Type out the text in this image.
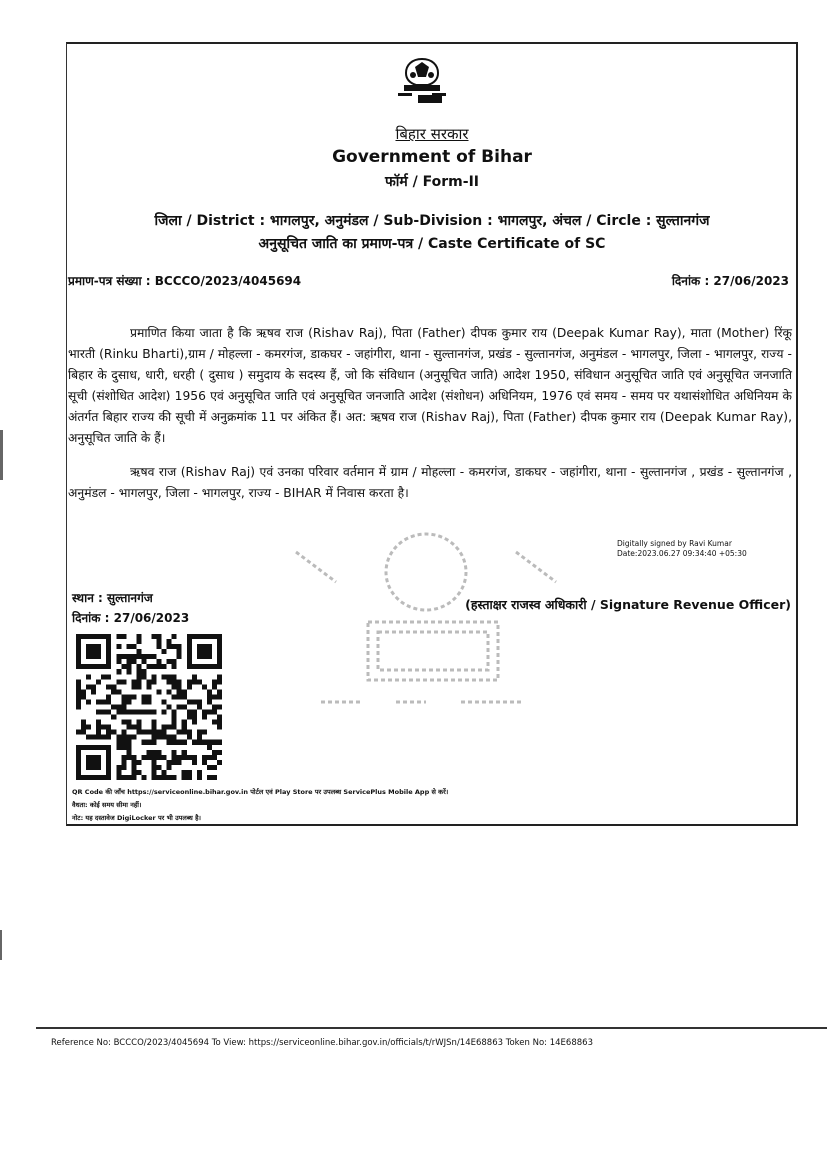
बिहार सरकार
Government of Bihar
फॉर्म / Form-II
जिला / District : भागलपुर, अनुमंडल / Sub-Division : भागलपुर, अंचल / Circle : सुल्तानगंज
अनुसूचित जाति का प्रमाण-पत्र / Caste Certificate of SC
प्रमाण-पत्र संख्या : BCCCO/2023/4045694	दिनांक : 27/06/2023

प्रमाणित किया जाता है कि ऋषव राज (Rishav Raj), पिता (Father) दीपक कुमार राय (Deepak Kumar Ray), माता (Mother) रिंकू भारती (Rinku Bharti),ग्राम / मोहल्ला - कमरगंज, डाकघर - जहांगीरा, थाना - सुल्तानगंज, प्रखंड - सुल्तानगंज, अनुमंडल - भागलपुर, जिला - भागलपुर, राज्य - बिहार के दुसाध, धारी, धरही ( दुसाध ) समुदाय के सदस्य हैं, जो कि संविधान (अनुसूचित जाति) आदेश 1950, संविधान अनुसूचित जाति एवं अनुसूचित जनजाति सूची (संशोधित आदेश) 1956 एवं अनुसूचित जाति एवं अनुसूचित जनजाति आदेश (संशोधन) अधिनियम, 1976 एवं समय - समय पर यथासंशोधित अधिनियम के अंतर्गत बिहार राज्य की सूची में अनुक्रमांक 11 पर अंकित हैं। अत: ऋषव राज (Rishav Raj), पिता (Father) दीपक कुमार राय (Deepak Kumar Ray), अनुसूचित जाति के हैं।

ऋषव राज (Rishav Raj) एवं उनका परिवार वर्तमान में ग्राम / मोहल्ला - कमरगंज, डाकघर - जहांगीरा, थाना - सुल्तानगंज , प्रखंड - सुल्तानगंज , अनुमंडल - भागलपुर, जिला - भागलपुर, राज्य - BIHAR में निवास करता है।

Digitally signed by Ravi Kumar
Date:2023.06.27 09:34:40 +05:30
स्थान : सुल्तानगंज
दिनांक : 27/06/2023
(हस्ताक्षर राजस्व अधिकारी / Signature Revenue Officer)
QR Code की जाँच https://serviceonline.bihar.gov.in पोर्टल एवं Play Store पर उपलब्ध ServicePlus Mobile App से करें।
वैधता: कोई समय सीमा नहीं।
नोट: यह दस्तावेज DigiLocker पर भी उपलब्ध है।
Reference No: BCCCO/2023/4045694 To View: https://serviceonline.bihar.gov.in/officials/t/rWJSn/14E68863 Token No: 14E68863
